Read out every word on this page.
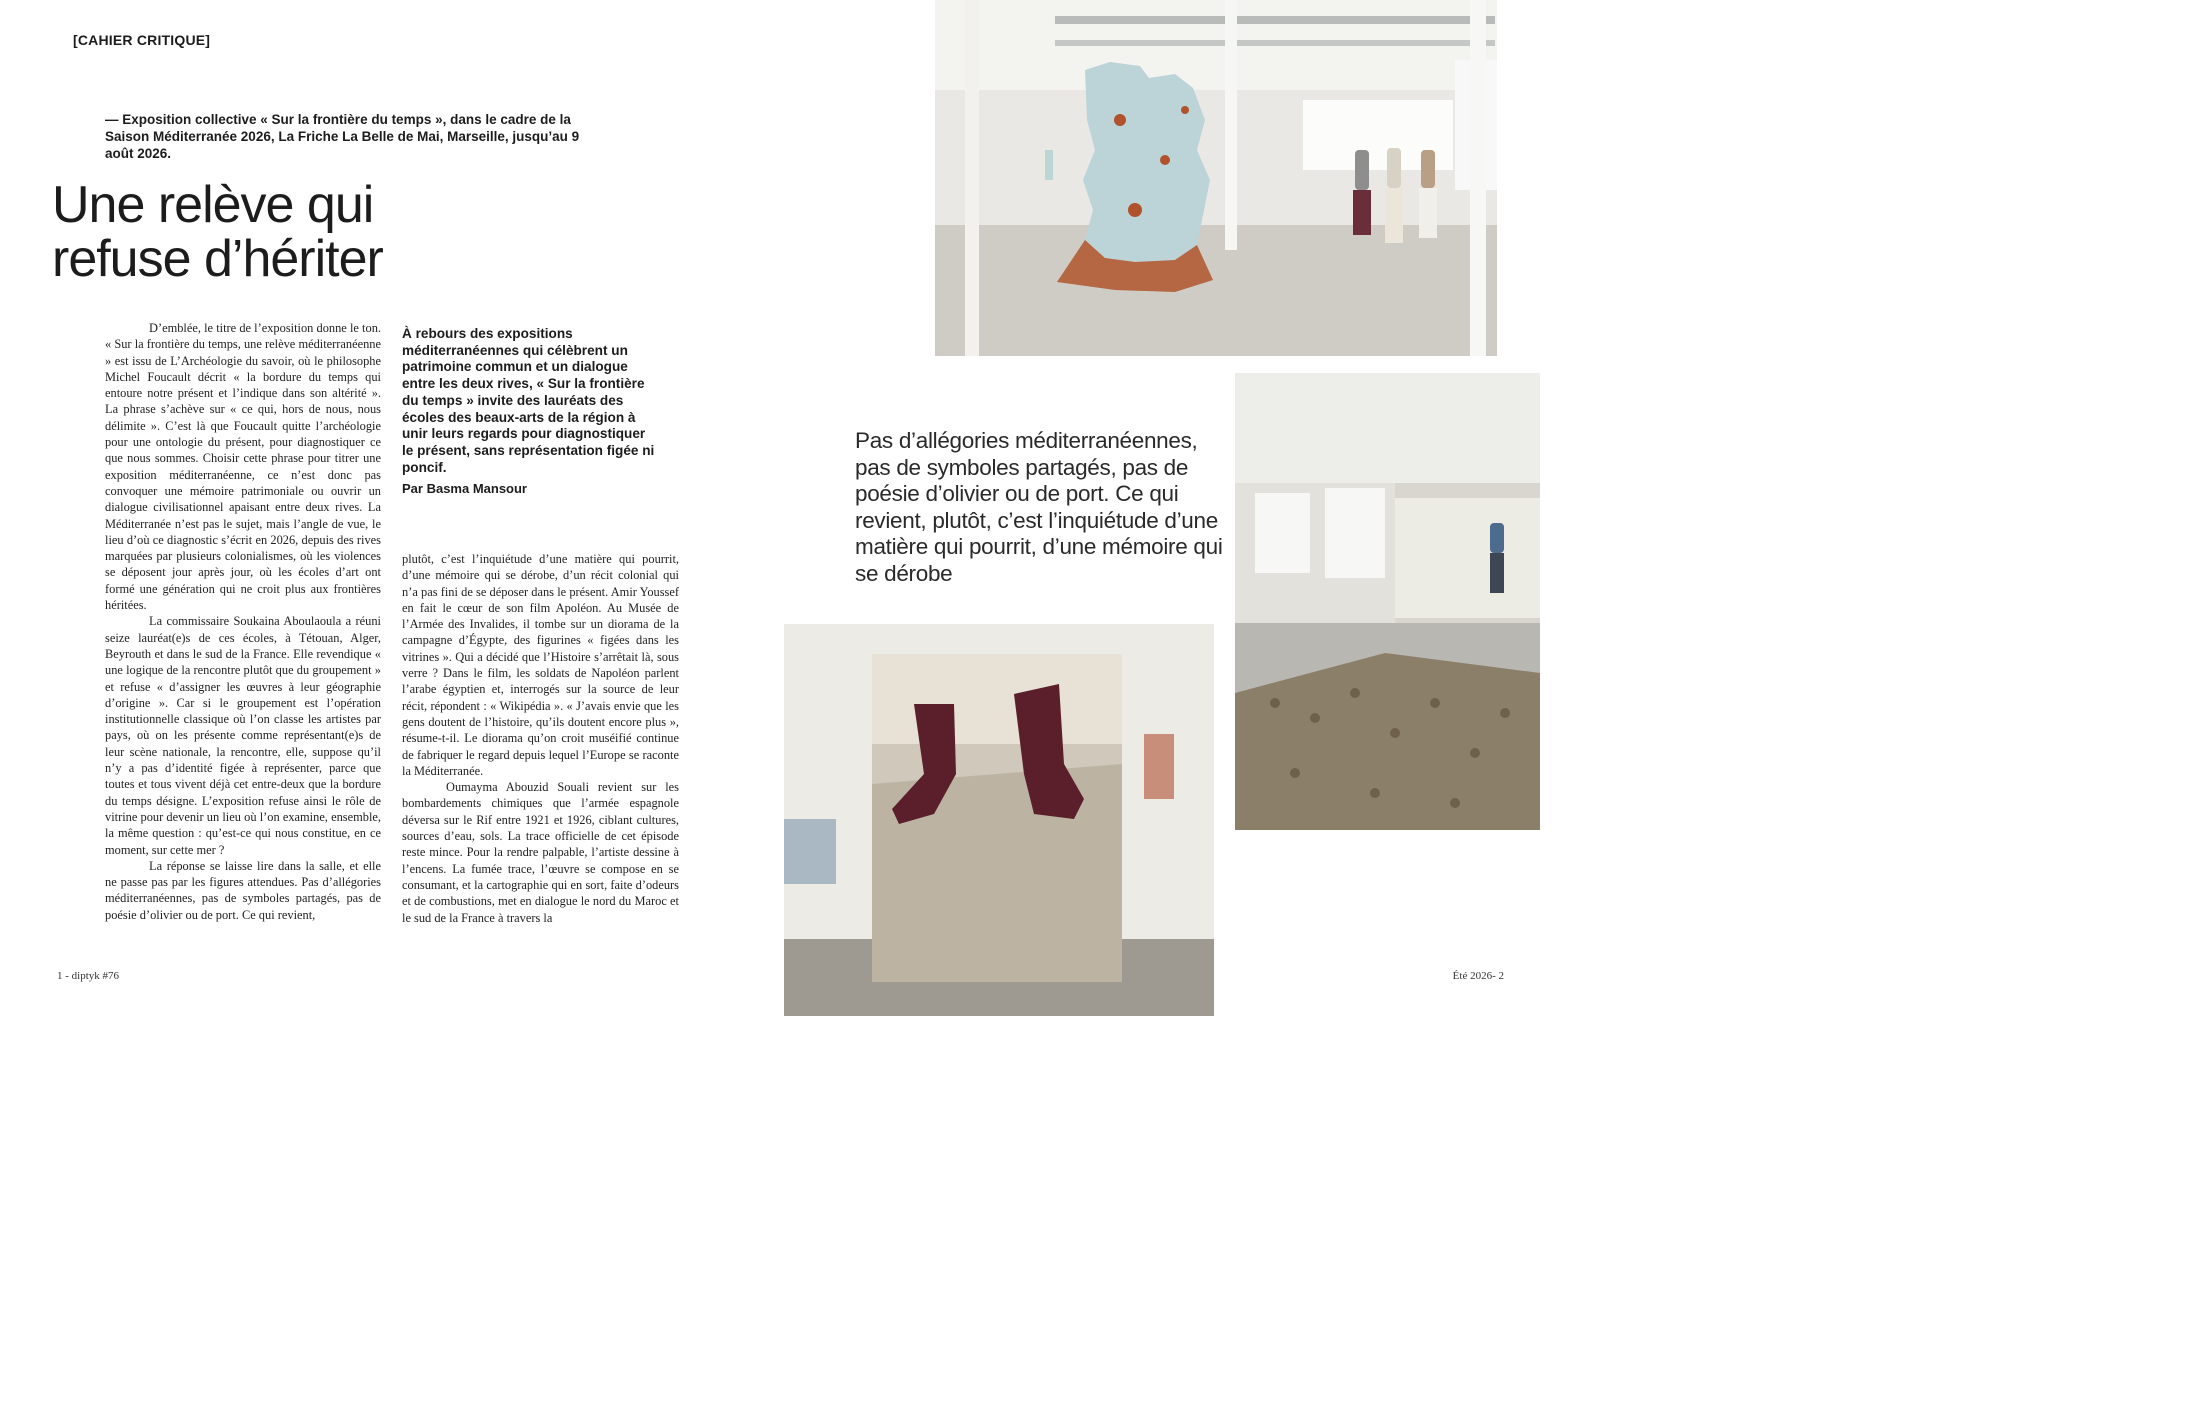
[CAHIER CRITIQUE]
— Exposition collective « Sur la frontière du temps », dans le cadre de la Saison Méditerranée 2026, La Friche La Belle de Mai, Marseille, jusqu’au 9 août 2026.
Une relève qui
refuse d’hériter

D’emblée, le titre de l’exposition donne le ton. « Sur la frontière du temps, une relève méditerranéenne » est issu de L’Archéologie du savoir, où le philosophe Michel Foucault décrit « la bordure du temps qui entoure notre présent et l’indique dans son altérité ». La phrase s’achève sur « ce qui, hors de nous, nous délimite ». C’est là que Foucault quitte l’archéologie pour une ontologie du présent, pour diagnostiquer ce que nous sommes. Choisir cette phrase pour titrer une exposition méditerranéenne, ce n’est donc pas convoquer une mémoire patrimoniale ou ouvrir un dialogue civilisationnel apaisant entre deux rives. La Méditerranée n’est pas le sujet, mais l’angle de vue, le lieu d’où ce diagnostic s’écrit en 2026, depuis des rives marquées par plusieurs colonialismes, où les violences se déposent jour après jour, où les écoles d’art ont formé une génération qui ne croit plus aux frontières héritées.

La commissaire Soukaina Aboulaoula a réuni seize lauréat(e)s de ces écoles, à Tétouan, Alger, Beyrouth et dans le sud de la France. Elle revendique « une logique de la rencontre plutôt que du groupement » et refuse « d’assigner les œuvres à leur géographie d’origine ». Car si le groupement est l’opération institutionnelle classique où l’on classe les artistes par pays, où on les présente comme représentant(e)s de leur scène nationale, la rencontre, elle, suppose qu’il n’y a pas d’identité figée à représenter, parce que toutes et tous vivent déjà cet entre-deux que la bordure du temps désigne. L’exposition refuse ainsi le rôle de vitrine pour devenir un lieu où l’on examine, ensemble, la même question : qu’est-ce qui nous constitue, en ce moment, sur cette mer ?

La réponse se laisse lire dans la salle, et elle ne passe pas par les figures attendues. Pas d’allégories méditerranéennes, pas de symboles partagés, pas de poésie d’olivier ou de port. Ce qui revient,

À rebours des expositions méditerranéennes qui célèbrent un patrimoine commun et un dialogue entre les deux rives, « Sur la frontière du temps » invite des lauréats des écoles des beaux-arts de la région à unir leurs regards pour diagnostiquer le présent, sans représentation figée ni poncif.
Par Basma Mansour

plutôt, c’est l’inquiétude d’une matière qui pourrit, d’une mémoire qui se dérobe, d’un récit colonial qui n’a pas fini de se déposer dans le présent. Amir Youssef en fait le cœur de son film Apoléon. Au Musée de l’Armée des Invalides, il tombe sur un diorama de la campagne d’Égypte, des figurines « figées dans les vitrines ». Qui a décidé que l’Histoire s’arrêtait là, sous verre ? Dans le film, les soldats de Napoléon parlent l’arabe égyptien et, interrogés sur la source de leur récit, répondent : « Wikipédia ». « J’avais envie que les gens doutent de l’histoire, qu’ils doutent encore plus », résume-t-il. Le diorama qu’on croit muséifié continue de fabriquer le regard depuis lequel l’Europe se raconte la Méditerranée.

Oumayma Abouzid Souali revient sur les bombardements chimiques que l’armée espagnole déversa sur le Rif entre 1921 et 1926, ciblant cultures, sources d’eau, sols. La trace officielle de cet épisode reste mince. Pour la rendre palpable, l’artiste dessine à l’encens. La fumée trace, l’œuvre se compose en se consumant, et la cartographie qui en sort, faite d’odeurs et de combustions, met en dialogue le nord du Maroc et le sud de la France à travers la

Pas d’allégories méditerranéennes, pas de symboles partagés, pas de poésie d’olivier ou de port. Ce qui revient, plutôt, c’est l’inquiétude d’une matière qui pourrit, d’une mémoire qui se dérobe
1 - diptyk #76	Été 2026- 2
